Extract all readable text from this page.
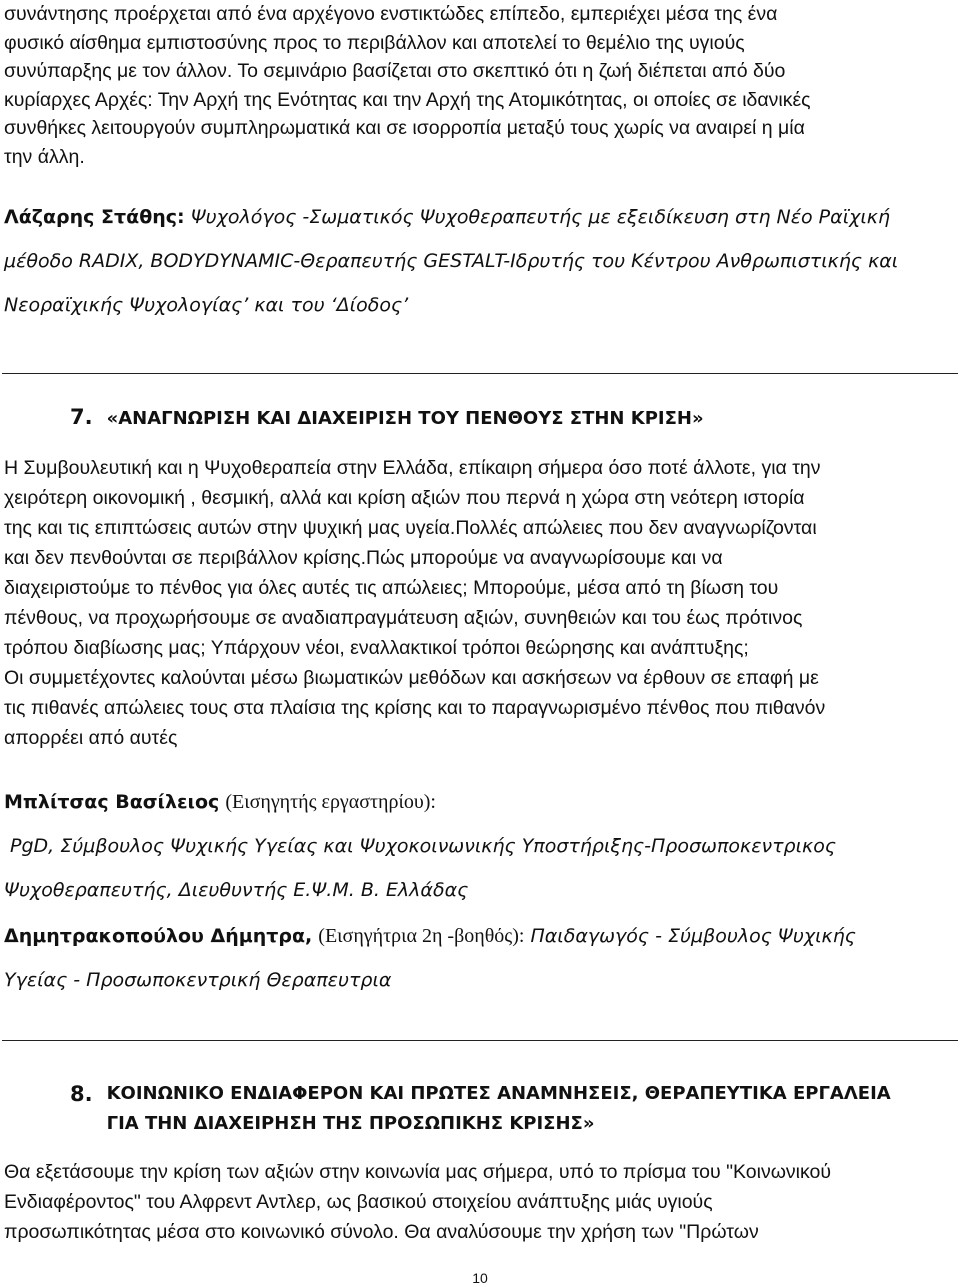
συνάντησης προέρχεται από ένα αρχέγονο ενστικτώδες επίπεδο, εμπεριέχει μέσα της ένα

φυσικό αίσθημα εμπιστοσύνης προς το περιβάλλον και αποτελεί το θεμέλιο της υγιούς

συνύπαρξης με τον άλλον. Το σεμινάριο βασίζεται στο σκεπτικό ότι η ζωή διέπεται από δύο

κυρίαρχες Αρχές: Την Αρχή της Ενότητας και την Αρχή της Ατομικότητας, οι οποίες σε ιδανικές

συνθήκες λειτουργούν συμπληρωματικά και σε ισορροπία μεταξύ τους χωρίς να αναιρεί η μία

την άλλη.

Λάζαρης Στάθης: Ψυχολόγος -Σωματικός Ψυχοθεραπευτής με εξειδίκευση στη Νέο Ραϊχική

μέθοδο RADIX, BODYDYNAMIC-Θεραπευτής GESTALT-Ιδρυτής του Κέντρου Ανθρωπιστικής και

Νεοραϊχικής Ψυχολογίας’ και του ‘Δίοδος’

7. «ΑΝΑΓΝΩΡΙΣΗ ΚΑΙ ΔΙΑΧΕΙΡΙΣΗ ΤΟΥ ΠΕΝΘΟΥΣ ΣΤΗΝ ΚΡΙΣΗ»

Η Συμβουλευτική και η Ψυχοθεραπεία στην Ελλάδα, επίκαιρη σήμερα όσο ποτέ άλλοτε, για την

χειρότερη οικονομική , θεσμική, αλλά και κρίση αξιών που περνά η χώρα στη νεότερη ιστορία

της και τις επιπτώσεις αυτών στην ψυχική μας υγεία.Πολλές απώλειες που δεν αναγνωρίζονται

και δεν πενθούνται σε περιβάλλον κρίσης.Πώς μπορούμε να αναγνωρίσουμε και να

διαχειριστούμε το πένθος για όλες αυτές τις απώλειες; Μπορούμε, μέσα από τη βίωση του

πένθους, να προχωρήσουμε σε αναδιαπραγμάτευση αξιών, συνηθειών και του έως πρότινος

τρόπου διαβίωσης μας; Υπάρχουν νέοι, εναλλακτικοί τρόποι θεώρησης και ανάπτυξης;

Οι συμμετέχοντες καλούνται μέσω βιωματικών μεθόδων και ασκήσεων να έρθουν σε επαφή με

τις πιθανές απώλειες τους στα πλαίσια της κρίσης και το παραγνωρισμένο πένθος που πιθανόν

απορρέει από αυτές

Μπλίτσας Βασίλειος (Εισηγητής εργαστηρίου):

PgD, Σύμβουλος Ψυχικής Υγείας και Ψυχοκοινωνικής Υποστήριξης-Προσωποκεντρικος

Ψυχοθεραπευτής, Διευθυντής Ε.Ψ.Μ. Β. Ελλάδας

Δημητρακοπούλου Δήμητρα, (Εισηγήτρια 2η -βοηθός): Παιδαγωγός - Σύμβουλος Ψυχικής

Υγείας - Προσωποκεντρική Θεραπευτρια

8. ΚΟΙΝΩΝΙΚΟ ΕΝΔΙΑΦΕΡΟΝ ΚΑΙ ΠΡΩΤΕΣ ΑΝΑΜΝΗΣΕΙΣ, ΘΕΡΑΠΕΥΤΙΚΑ ΕΡΓΑΛΕΙΑ
ΓΙΑ ΤΗΝ ΔΙΑΧΕΙΡΗΣΗ ΤΗΣ ΠΡΟΣΩΠΙΚΗΣ ΚΡΙΣΗΣ»

Θα εξετάσουμε την κρίση των αξιών στην κοινωνία μας σήμερα, υπό το πρίσμα του "Κοινωνικού

Ενδιαφέροντος" του Αλφρεντ Αντλερ, ως βασικού στοιχείου ανάπτυξης μιάς υγιούς

προσωπικότητας μέσα στο κοινωνικό σύνολο. Θα αναλύσουμε την χρήση των "Πρώτων

10
